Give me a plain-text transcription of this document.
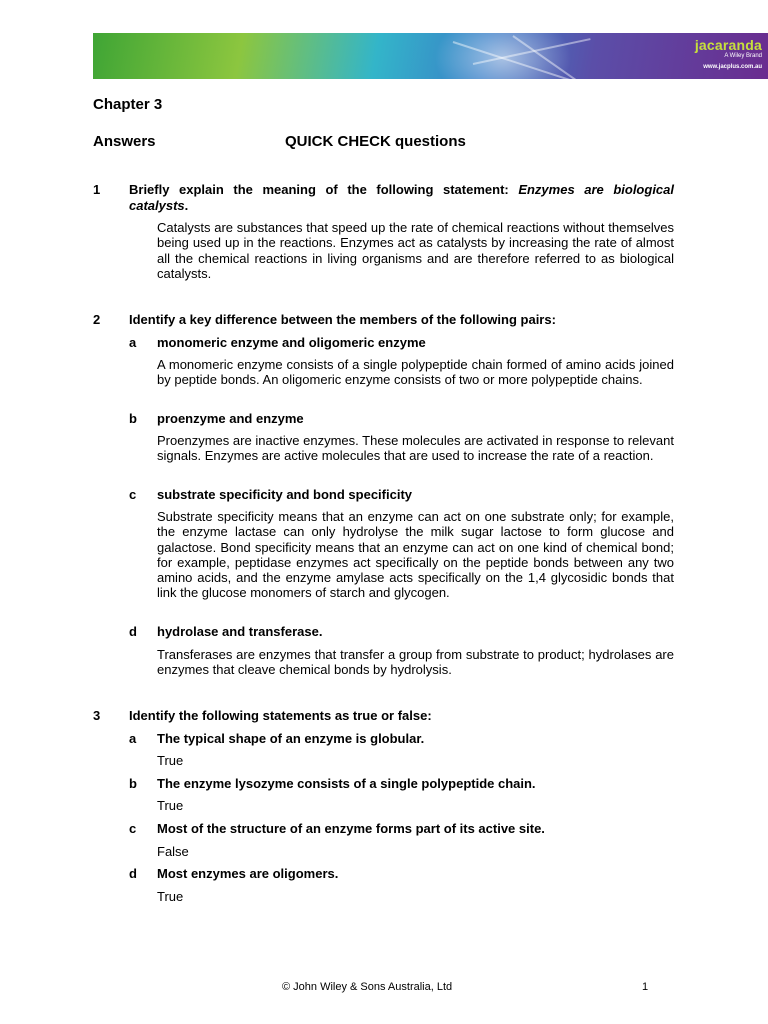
jacaranda
A Wiley Brand
www.jacplus.com.au
Chapter 3
Answers	QUICK CHECK questions
1 Briefly explain the meaning of the following statement: Enzymes are biological catalysts.
Catalysts are substances that speed up the rate of chemical reactions without themselves being used up in the reactions. Enzymes act as catalysts by increasing the rate of almost all the chemical reactions in living organisms and are therefore referred to as biological catalysts.
2 Identify a key difference between the members of the following pairs:
a monomeric enzyme and oligomeric enzyme
A monomeric enzyme consists of a single polypeptide chain formed of amino acids joined by peptide bonds. An oligomeric enzyme consists of two or more polypeptide chains.
b proenzyme and enzyme
Proenzymes are inactive enzymes. These molecules are activated in response to relevant signals. Enzymes are active molecules that are used to increase the rate of a reaction.
c substrate specificity and bond specificity
Substrate specificity means that an enzyme can act on one substrate only; for example, the enzyme lactase can only hydrolyse the milk sugar lactose to form glucose and galactose. Bond specificity means that an enzyme can act on one kind of chemical bond; for example, peptidase enzymes act specifically on the peptide bonds between any two amino acids, and the enzyme amylase acts specifically on the 1,4 glycosidic bonds that link the glucose monomers of starch and glycogen.
d hydrolase and transferase.
Transferases are enzymes that transfer a group from substrate to product; hydrolases are enzymes that cleave chemical bonds by hydrolysis.
3 Identify the following statements as true or false:
a The typical shape of an enzyme is globular.
True
b The enzyme lysozyme consists of a single polypeptide chain.
True
c Most of the structure of an enzyme forms part of its active site.
False
d Most enzymes are oligomers.
True
© John Wiley & Sons Australia, Ltd	1
